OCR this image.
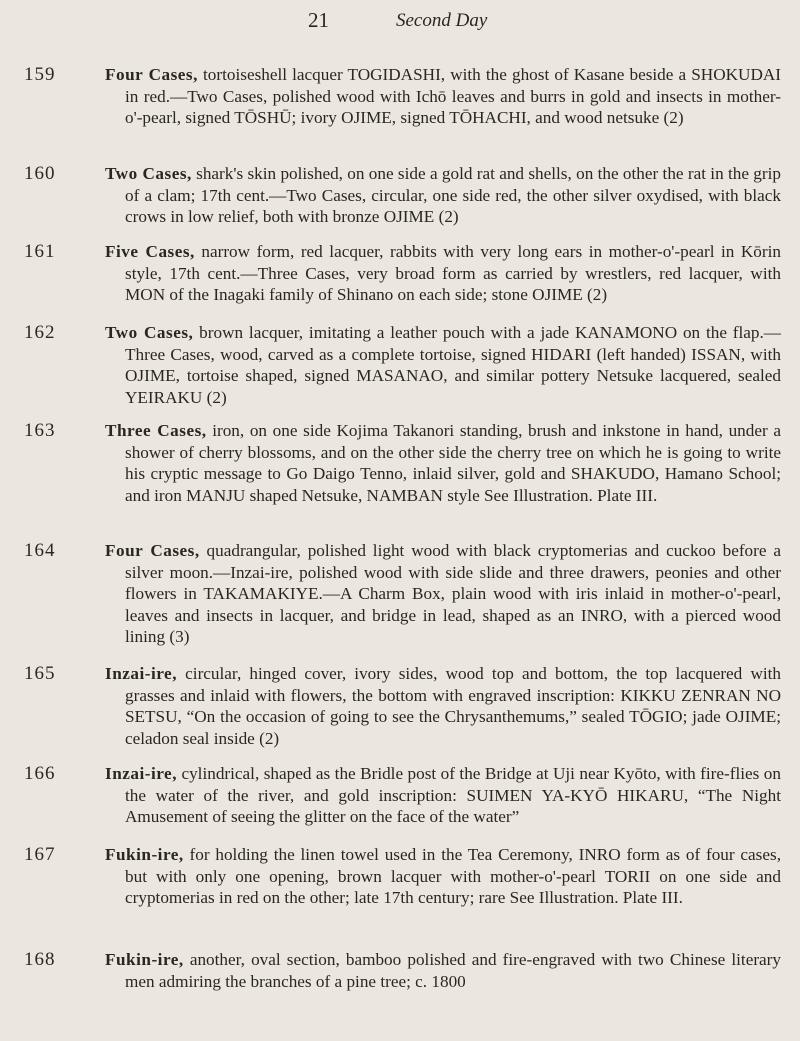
21	Second Day
159	Four Cases, tortoiseshell lacquer TOGIDASHI, with the ghost of Kasane beside a SHOKUDAI in red.—Two Cases, polished wood with Ichō leaves and burrs in gold and insects in mother-o'-pearl, signed TŌSHŪ; ivory OJIME, signed TŌHACHI, and wood netsuke (2)
160	Two Cases, shark's skin polished, on one side a gold rat and shells, on the other the rat in the grip of a clam; 17th cent.—Two Cases, circular, one side red, the other silver oxydised, with black crows in low relief, both with bronze OJIME (2)
161	Five Cases, narrow form, red lacquer, rabbits with very long ears in mother-o'-pearl in Kōrin style, 17th cent.—Three Cases, very broad form as carried by wrestlers, red lacquer, with MON of the Inagaki family of Shinano on each side; stone OJIME (2)
162	Two Cases, brown lacquer, imitating a leather pouch with a jade KANAMONO on the flap.—Three Cases, wood, carved as a complete tortoise, signed HIDARI (left handed) ISSAN, with OJIME, tortoise shaped, signed MASANAO, and similar pottery Netsuke lacquered, sealed YEIRAKU (2)
163	Three Cases, iron, on one side Kojima Takanori standing, brush and inkstone in hand, under a shower of cherry blossoms, and on the other side the cherry tree on which he is going to write his cryptic message to Go Daigo Tenno, inlaid silver, gold and SHAKUDO, Hamano School; and iron MANJU shaped Netsuke, NAMBAN style See Illustration. Plate III.
164	Four Cases, quadrangular, polished light wood with black cryptomerias and cuckoo before a silver moon.—Inzai-ire, polished wood with side slide and three drawers, peonies and other flowers in TAKAMAKIYE.—A Charm Box, plain wood with iris inlaid in mother-o'-pearl, leaves and insects in lacquer, and bridge in lead, shaped as an INRO, with a pierced wood lining (3)
165	Inzai-ire, circular, hinged cover, ivory sides, wood top and bottom, the top lacquered with grasses and inlaid with flowers, the bottom with engraved inscription: KIKKU ZENRAN NO SETSU, “On the occasion of going to see the Chrysanthemums,” sealed TŌGIO; jade OJIME; celadon seal inside (2)
166	Inzai-ire, cylindrical, shaped as the Bridle post of the Bridge at Uji near Kyōto, with fire-flies on the water of the river, and gold inscription: SUIMEN YA-KYŌ HIKARU, “The Night Amusement of seeing the glitter on the face of the water”
167	Fukin-ire, for holding the linen towel used in the Tea Ceremony, INRO form as of four cases, but with only one opening, brown lacquer with mother-o'-pearl TORII on one side and cryptomerias in red on the other; late 17th century; rare See Illustration. Plate III.
168	Fukin-ire, another, oval section, bamboo polished and fire-engraved with two Chinese literary men admiring the branches of a pine tree; c. 1800
